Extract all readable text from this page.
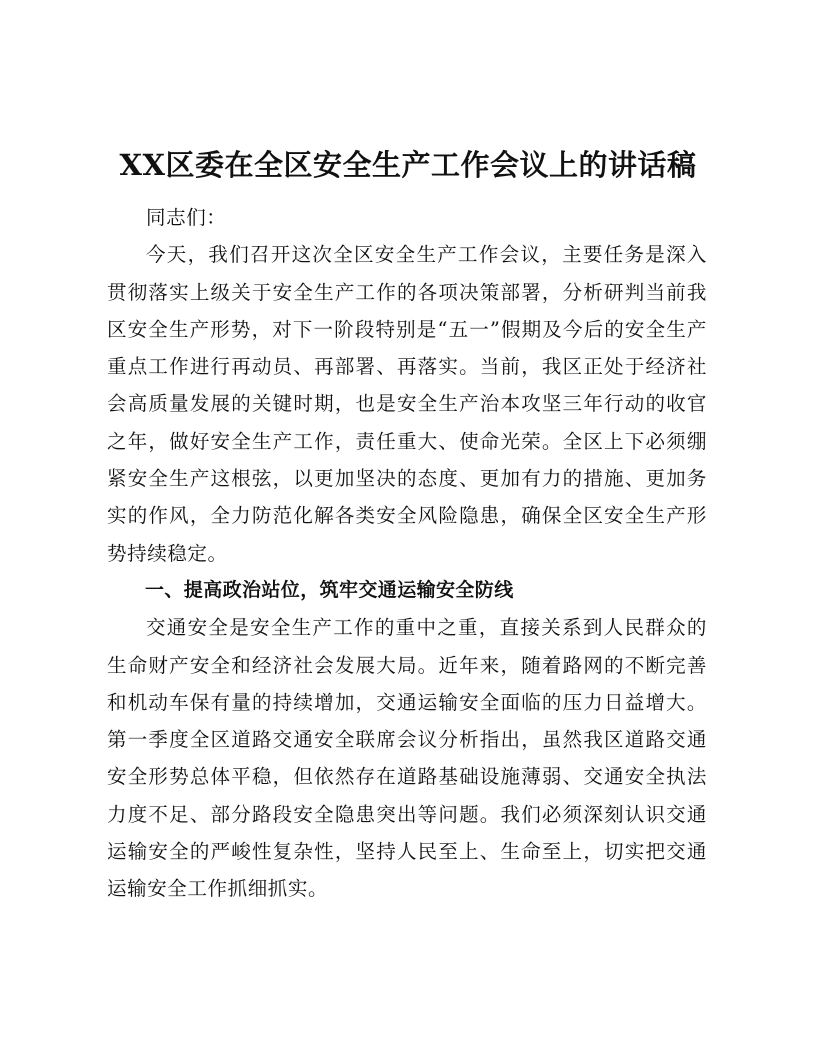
XX区委在全区安全生产工作会议上的讲话稿

同志们：

今天，我们召开这次全区安全生产工作会议，主要任务是深入贯彻落实上级关于安全生产工作的各项决策部署，分析研判当前我区安全生产形势，对下一阶段特别是“五一”假期及今后的安全生产重点工作进行再动员、再部署、再落实。当前，我区正处于经济社会高质量发展的关键时期，也是安全生产治本攻坚三年行动的收官之年，做好安全生产工作，责任重大、使命光荣。全区上下必须绷紧安全生产这根弦，以更加坚决的态度、更加有力的措施、更加务实的作风，全力防范化解各类安全风险隐患，确保全区安全生产形势持续稳定。

一、提高政治站位，筑牢交通运输安全防线

交通安全是安全生产工作的重中之重，直接关系到人民群众的生命财产安全和经济社会发展大局。近年来，随着路网的不断完善和机动车保有量的持续增加，交通运输安全面临的压力日益增大。第一季度全区道路交通安全联席会议分析指出，虽然我区道路交通安全形势总体平稳，但依然存在道路基础设施薄弱、交通安全执法力度不足、部分路段安全隐患突出等问题。我们必须深刻认识交通运输安全的严峻性复杂性，坚持人民至上、生命至上，切实把交通运输安全工作抓细抓实。
